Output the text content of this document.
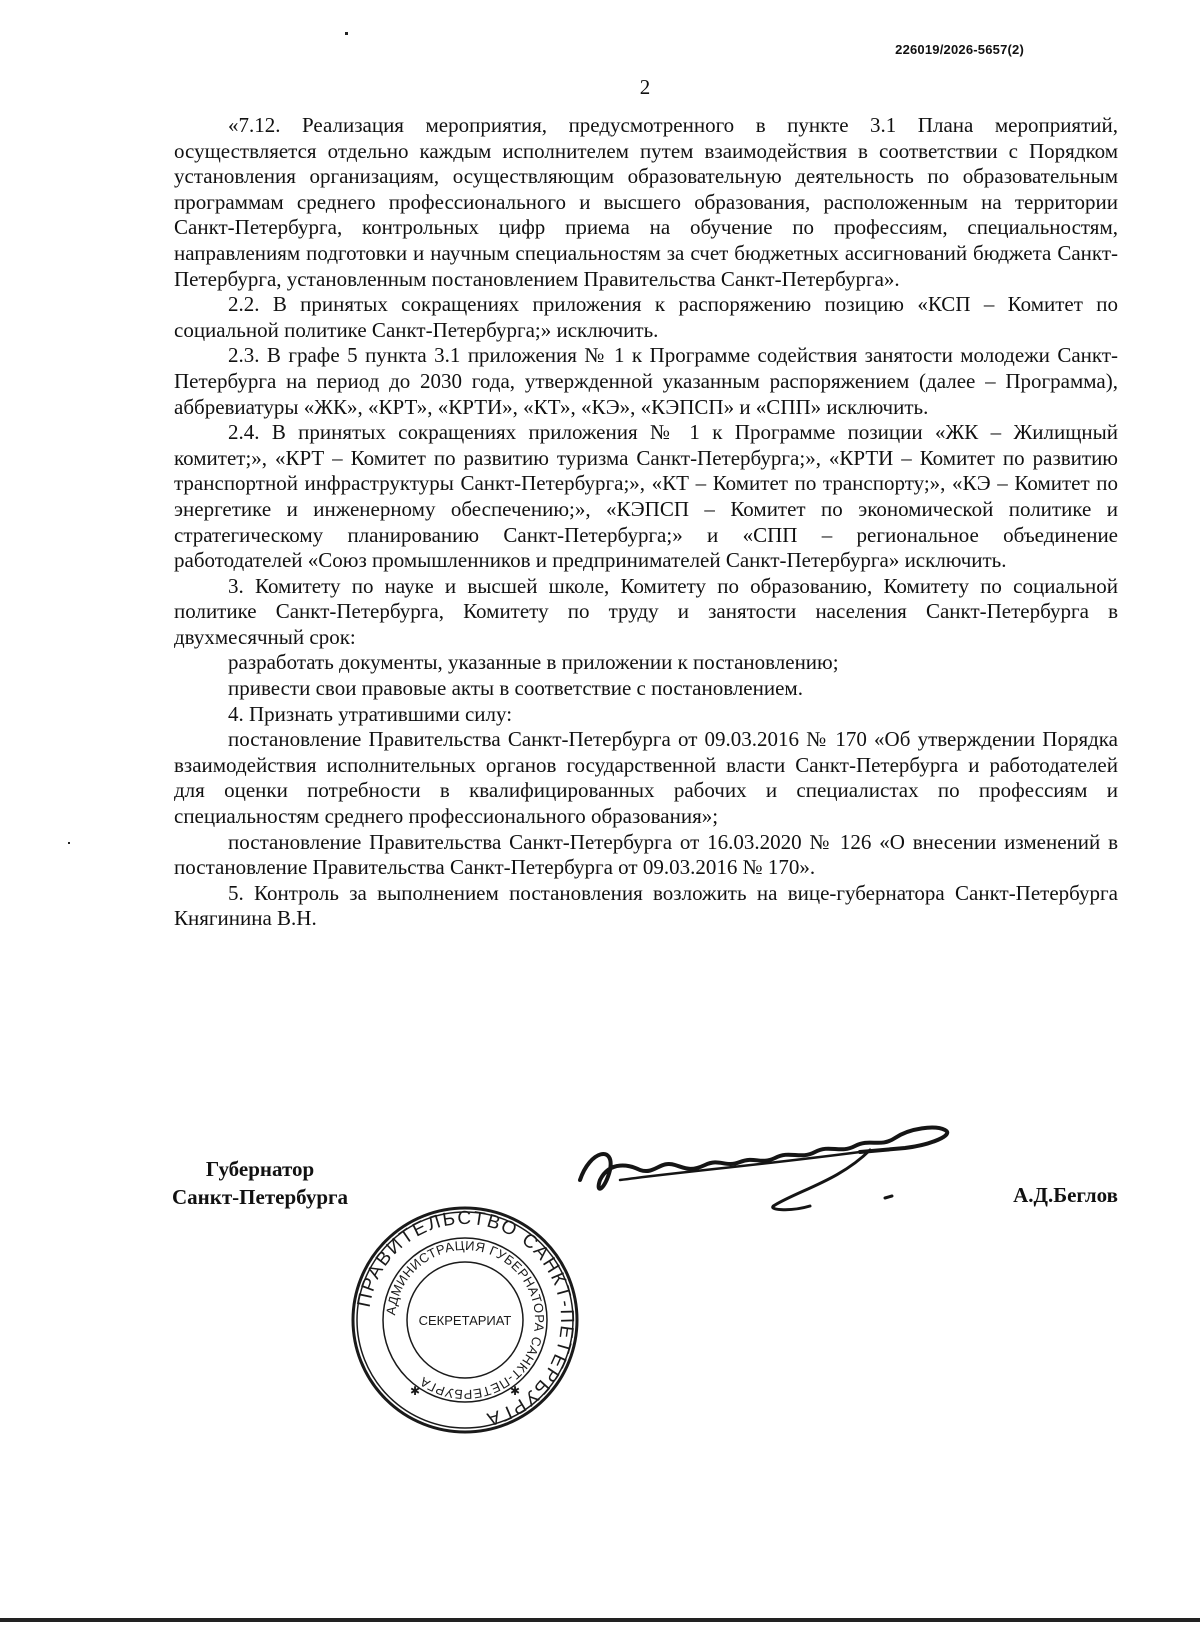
226019/2026-5657(2)
2

«7.12. Реализация мероприятия, предусмотренного в пункте 3.1 Плана мероприятий, осуществляется отдельно каждым исполнителем путем взаимодействия в соответствии с Порядком установления организациям, осуществляющим образовательную деятельность по образовательным программам среднего профессионального и высшего образования, расположенным на территории Санкт-Петербурга, контрольных цифр приема на обучение по профессиям, специальностям, направлениям подготовки и научным специальностям за счет бюджетных ассигнований бюджета Санкт-Петербурга, установленным постановлением Правительства Санкт-Петербурга».

2.2. В принятых сокращениях приложения к распоряжению позицию «КСП – Комитет по социальной политике Санкт-Петербурга;» исключить.

2.3. В графе 5 пункта 3.1 приложения № 1 к Программе содействия занятости молодежи Санкт-Петербурга на период до 2030 года, утвержденной указанным распоряжением (далее – Программа), аббревиатуры «ЖК», «КРТ», «КРТИ», «КТ», «КЭ», «КЭПСП» и «СПП» исключить.

2.4. В принятых сокращениях приложения № 1 к Программе позиции «ЖК – Жилищный комитет;», «КРТ – Комитет по развитию туризма Санкт-Петербурга;», «КРТИ – Комитет по развитию транспортной инфраструктуры Санкт-Петербурга;», «КТ – Комитет по транспорту;», «КЭ – Комитет по энергетике и инженерному обеспечению;», «КЭПСП – Комитет по экономической политике и стратегическому планированию Санкт-Петербурга;» и «СПП – региональное объединение работодателей «Союз промышленников и предпринимателей Санкт-Петербурга» исключить.

3. Комитету по науке и высшей школе, Комитету по образованию, Комитету по социальной политике Санкт-Петербурга, Комитету по труду и занятости населения Санкт-Петербурга в двухмесячный срок:

разработать документы, указанные в приложении к постановлению;

привести свои правовые акты в соответствие с постановлением.

4. Признать утратившими силу:

постановление Правительства Санкт-Петербурга от 09.03.2016 № 170 «Об утверждении Порядка взаимодействия исполнительных органов государственной власти Санкт-Петербурга и работодателей для оценки потребности в квалифицированных рабочих и специалистах по профессиям и специальностям среднего профессионального образования»;

постановление Правительства Санкт-Петербурга от 16.03.2020 № 126 «О внесении изменений в постановление Правительства Санкт-Петербурга от 09.03.2016 № 170».

5. Контроль за выполнением постановления возложить на вице-губернатора Санкт-Петербурга Княгинина В.Н.

Губернатор
Санкт-Петербурга	А.Д.Беглов
ПРАВИТЕЛЬСТВО САНКТ-ПЕТЕРБУРГА
АДМИНИСТРАЦИЯ ГУБЕРНАТОРА САНКТ-ПЕТЕРБУРГА
СЕКРЕТАРИАТ
✱	✱
